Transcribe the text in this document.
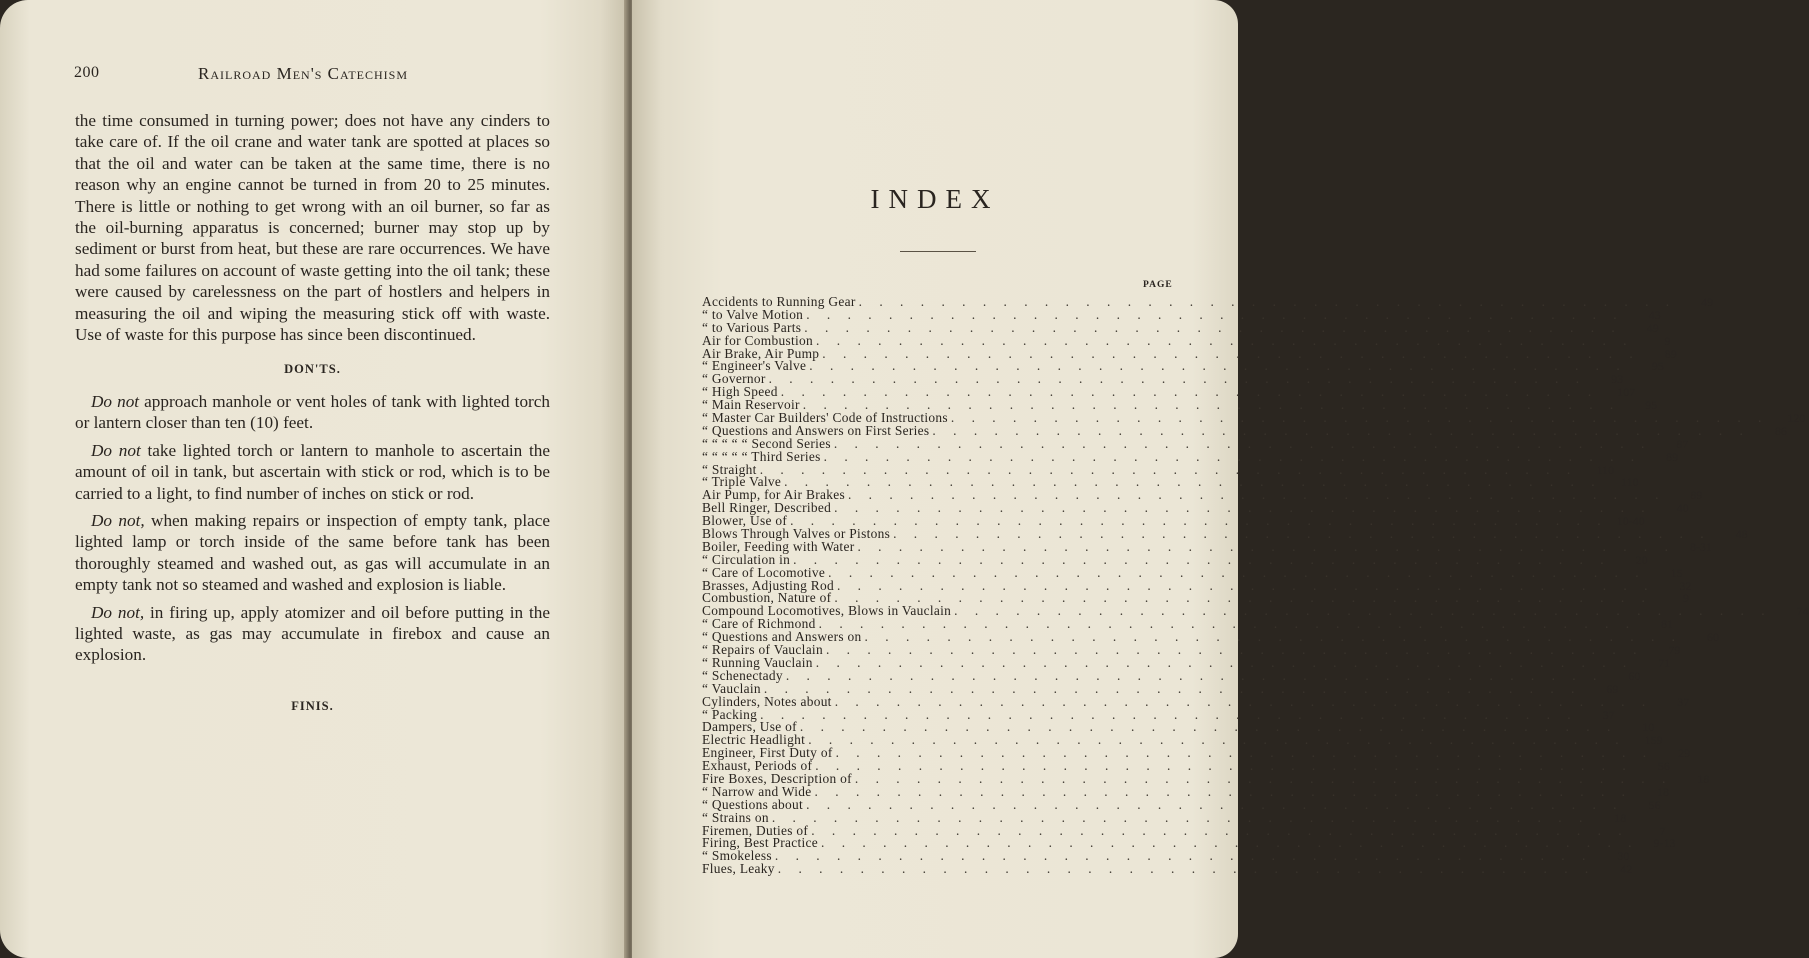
200	Railroad Men's Catechism

the time consumed in turning power; does not have any cinders to take care of. If the oil crane and water tank are spotted at places so that the oil and water can be taken at the same time, there is no reason why an engine cannot be turned in from 20 to 25 minutes. There is little or nothing to get wrong with an oil burner, so far as the oil-burning apparatus is concerned; burner may stop up by sediment or burst from heat, but these are rare occurrences. We have had some failures on account of waste getting into the oil tank; these were caused by carelessness on the part of hostlers and helpers in measuring the oil and wiping the measuring stick off with waste. Use of waste for this purpose has since been discontinued.

DON'TS.

Do not approach manhole or vent holes of tank with lighted torch or lantern closer than ten (10) feet.

Do not take lighted torch or lantern to manhole to ascertain the amount of oil in tank, but ascertain with stick or rod, which is to be carried to a light, to find number of inches on stick or rod.

Do not, when making repairs or inspection of empty tank, place lighted lamp or torch inside of the same before tank has been thoroughly steamed and washed out, as gas will accumulate in an empty tank not so steamed and washed and explosion is liable.

Do not, in firing up, apply atomizer and oil before putting in the lighted waste, as gas may accumulate in firebox and cause an explosion.

FINIS.
INDEX
PAGE
Accidents to Running Gear . . . . . . . . . . . . . . . . . . . . . . . . . . . . . . . . . . . . . . . .	49
“ to Valve Motion . . . . . . . . . . . . . . . . . . . . . . . . . . . . . . . . . . . . . . . .	43
“ to Various Parts . . . . . . . . . . . . . . . . . . . . . . . . . . . . . . . . . . . . . . . .	49
Air for Combustion . . . . . . . . . . . . . . . . . . . . . . . . . . . . . . . . . . . . . . . .	9
Air Brake, Air Pump . . . . . . . . . . . . . . . . . . . . . . . . . . . . . . . . . . . . . . . .	89
“ Engineer's Valve . . . . . . . . . . . . . . . . . . . . . . . . . . . . . . . . . . . . . . . .	95
“ Governor . . . . . . . . . . . . . . . . . . . . . . . . . . . . . . . . . . . . . . . .	93
“ High Speed . . . . . . . . . . . . . . . . . . . . . . . . . . . . . . . . . . . . . . . .	107
“ Main Reservoir . . . . . . . . . . . . . . . . . . . . . . . . . . . . . . . . . . . . . . . .	95
“ Master Car Builders' Code of Instructions . . . . . . . . . . . . . . . . . . . . . . . . . . . . . . . . . . . . . . . .	120
“ Questions and Answers on First Series . . . . . . . . . . . . . . . . . . . . . . . . . . . . . . . . . . . . . . . .	86
“ “ “ “ “ Second Series . . . . . . . . . . . . . . . . . . . . . . . . . . . . . . . . . . . . . . . .	87
“ “ “ “ “ Third Series . . . . . . . . . . . . . . . . . . . . . . . . . . . . . . . . . . . . . . . .	89
“ Straight . . . . . . . . . . . . . . . . . . . . . . . . . . . . . . . . . . . . . . . .	110
“ Triple Valve . . . . . . . . . . . . . . . . . . . . . . . . . . . . . . . . . . . . . . . .	110
Air Pump, for Air Brakes . . . . . . . . . . . . . . . . . . . . . . . . . . . . . . . . . . . . . . . .	89
Bell Ringer, Described . . . . . . . . . . . . . . . . . . . . . . . . . . . . . . . . . . . . . . . .	40
Blower, Use of . . . . . . . . . . . . . . . . . . . . . . . . . . . . . . . . . . . . . . . . 10-40
Blows Through Valves or Pistons . . . . . . . . . . . . . . . . . . . . . . . . . . . . . . . . . . . . . . . .	48
Boiler, Feeding with Water . . . . . . . . . . . . . . . . . . . . . . . . . . . . . . . . . . . . . . . .	8-31
“ Circulation in . . . . . . . . . . . . . . . . . . . . . . . . . . . . . . . . . . . . . . . .	20
“ Care of Locomotive . . . . . . . . . . . . . . . . . . . . . . . . . . . . . . . . . . . . . . . .	15
Brasses, Adjusting Rod . . . . . . . . . . . . . . . . . . . . . . . . . . . . . . . . . . . . . . . .	32
Combustion, Nature of . . . . . . . . . . . . . . . . . . . . . . . . . . . . . . . . . . . . . . . .	9
Compound Locomotives, Blows in Vauclain . . . . . . . . . . . . . . . . . . . . . . . . . . . . . . . . . . . . . . . .	74
“ Care of Richmond . . . . . . . . . . . . . . . . . . . . . . . . . . . . . . . . . . . . . . . .	81
“ Questions and Answers on . . . . . . . . . . . . . . . . . . . . . . . . . . . . . . . . . . . . . . . .	60
“ Repairs of Vauclain . . . . . . . . . . . . . . . . . . . . . . . . . . . . . . . . . . . . . . . .	79
“ Running Vauclain . . . . . . . . . . . . . . . . . . . . . . . . . . . . . . . . . . . . . . . .	71
“ Schenectady . . . . . . . . . . . . . . . . . . . . . . . . . . . . . . . . . . . . . . . .	60
“ Vauclain . . . . . . . . . . . . . . . . . . . . . . . . . . . . . . . . . . . . . . . .	69
Cylinders, Notes about . . . . . . . . . . . . . . . . . . . . . . . . . . . . . . . . . . . . . . . .	37
“ Packing . . . . . . . . . . . . . . . . . . . . . . . . . . . . . . . . . . . . . . . .	37
Dampers, Use of . . . . . . . . . . . . . . . . . . . . . . . . . . . . . . . . . . . . . . . .	10
Electric Headlight . . . . . . . . . . . . . . . . . . . . . . . . . . . . . . . . . . . . . . . .	159
Engineer, First Duty of . . . . . . . . . . . . . . . . . . . . . . . . . . . . . . . . . . . . . . . .	29
Exhaust, Periods of . . . . . . . . . . . . . . . . . . . . . . . . . . . . . . . . . . . . . . . .	56
Fire Boxes, Description of . . . . . . . . . . . . . . . . . . . . . . . . . . . . . . . . . . . . . . . .	18
“ Narrow and Wide . . . . . . . . . . . . . . . . . . . . . . . . . . . . . . . . . . . . . . . .	18
“ Questions about . . . . . . . . . . . . . . . . . . . . . . . . . . . . . . . . . . . . . . . .	56
“ Strains on . . . . . . . . . . . . . . . . . . . . . . . . . . . . . . . . . . . . . . . .	18
Firemen, Duties of . . . . . . . . . . . . . . . . . . . . . . . . . . . . . . . . . . . . . . . .	7
Firing, Best Practice . . . . . . . . . . . . . . . . . . . . . . . . . . . . . . . . . . . . . . . .	9-13
“ Smokeless . . . . . . . . . . . . . . . . . . . . . . . . . . . . . . . . . . . . . . . .	30
Flues, Leaky . . . . . . . . . . . . . . . . . . . . . . . . . . . . . . . . . . . . . . . .	42
